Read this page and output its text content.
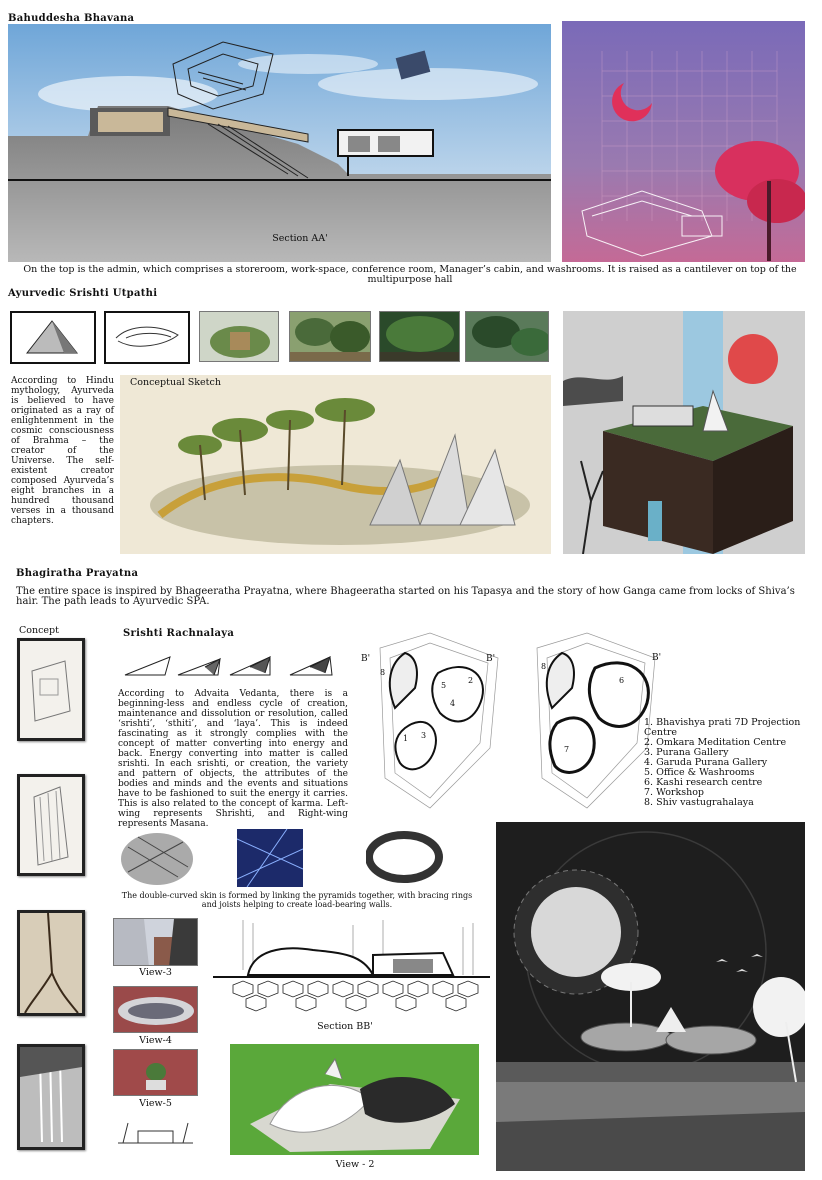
Bahuddesha Bhavana
Section AA'
On the top is the admin, which comprises a storeroom, work-space, conference room, Manager’s cabin, and washrooms. It is raised as a cantilever on top of the multipurpose hall
Ayurvedic Srishti Utpathi
According to Hindu mythology, Ayurveda is believed to have originated as a ray of enlightenment in the cosmic consciousness of Brahma – the creator of the Universe. The self-existent creator composed Ayurveda’s eight branches in a hundred thousand verses in a thousand chapters.
Conceptual Sketch
Bhagiratha Prayatna
The entire space is inspired by Bhageeratha Prayatna, where Bhageeratha started on his Tapasya and the story of how Ganga came from locks of Shiva’s hair. The path leads to Ayurvedic SPA.
Concept	Srishti Rachnalaya
According to Advaita Vedanta, there is a beginning-less and endless cycle of creation, maintenance and dissolution or resolution, called ‘srishti’, ‘sthiti’, and ‘laya’. This is indeed fascinating as it strongly complies with the concept of matter converting into energy and back. Energy converting into matter is called srishti. In each srishti, or creation, the variety and pattern of objects, the attributes of the bodies and minds and the events and situations have to be fashioned to suit the energy it carries. This is also related to the concept of karma. Left-wing represents Shrishti, and Right-wing represents Masana.
B'	B'
8
5
4
3
2
1
8
6
7
B'
1. Bhavishya prati 7D Projection
Centre
2. Omkara Meditation Centre
3. Purana Gallery
4. Garuda Purana Gallery
5. Office & Washrooms
6. Kashi research centre
7. Workshop
8. Shiv vastugrahalaya
The double-curved skin is formed by linking the pyramids together, with bracing rings and joists helping to create load-bearing walls.
View-3
View-4
View-5
Section BB'
View - 2
